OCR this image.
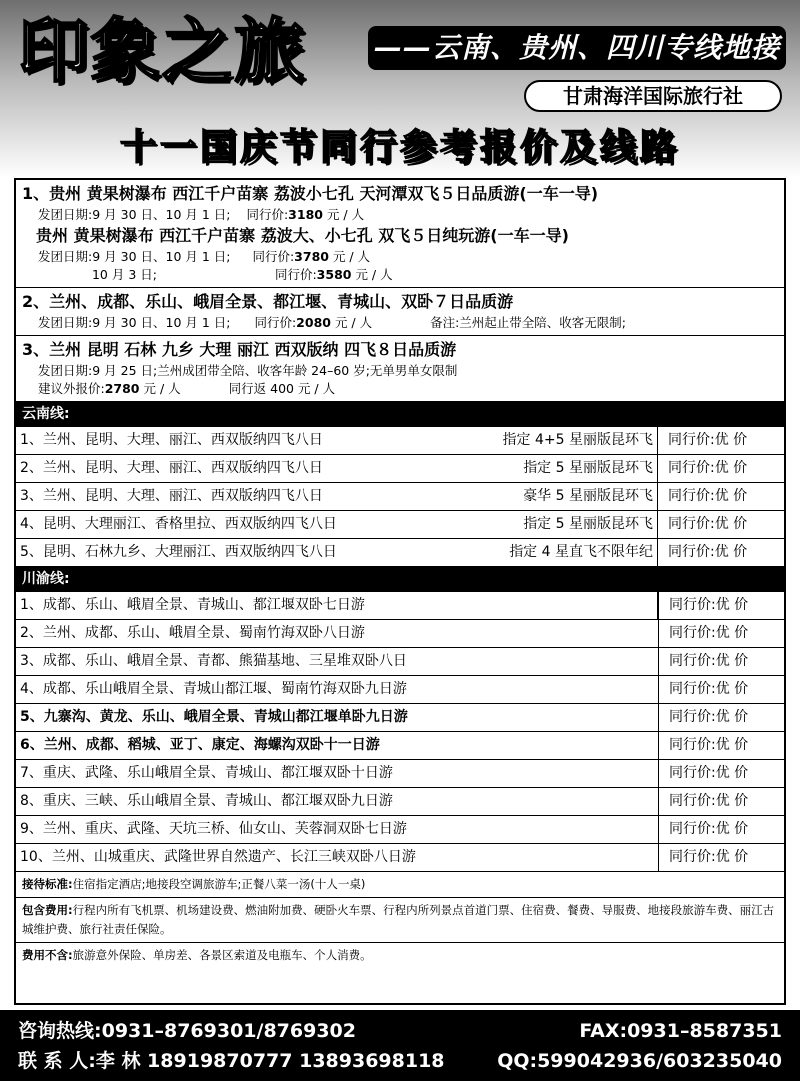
印象之旅 ——云南、贵州、四川专线地接
甘肃海洋国际旅行社
十一国庆节同行参考报价及线路
1、贵州 黄果树瀑布 西江千户苗寨 荔波小七孔 天河潭双飞５日品质游(一车一导)
发团日期:9 月 30 日、10 月 1 日; 同行价:3180 元 / 人
贵州 黄果树瀑布 西江千户苗寨 荔波大、小七孔 双飞５日纯玩游(一车一导)
发团日期:9 月 30 日、10 月 1 日; 同行价:3780 元 / 人
10 月 3 日;	同行价:3580 元 / 人
2、兰州、成都、乐山、峨眉全景、都江堰、青城山、双卧７日品质游
发团日期:9 月 30 日、10 月 1 日; 同行价:2080 元 / 人	备注:兰州起止带全陪、收客无限制;
3、兰州 昆明 石林 九乡 大理 丽江 西双版纳 四飞８日品质游
发团日期:9 月 25 日;兰州成团带全陪、收客年龄 24–60 岁;无单男单女限制
建议外报价:2780 元 / 人	同行返 400 元 / 人
云南线:
1、兰州、昆明、大理、丽江、西双版纳四飞八日	指定 4+5 星丽版昆环飞	同行价:优 价
2、兰州、昆明、大理、丽江、西双版纳四飞八日	指定 5 星丽版昆环飞	同行价:优 价
3、兰州、昆明、大理、丽江、西双版纳四飞八日	豪华 5 星丽版昆环飞	同行价:优 价
4、昆明、大理丽江、香格里拉、西双版纳四飞八日	指定 5 星丽版昆环飞	同行价:优 价
5、昆明、石林九乡、大理丽江、西双版纳四飞八日	指定 4 星直飞不限年纪	同行价:优 价
川渝线:
1、成都、乐山、峨眉全景、青城山、都江堰双卧七日游	同行价:优 价
2、兰州、成都、乐山、峨眉全景、蜀南竹海双卧八日游	同行价:优 价
3、成都、乐山、峨眉全景、青都、熊猫基地、三星堆双卧八日	同行价:优 价
4、成都、乐山峨眉全景、青城山都江堰、蜀南竹海双卧九日游	同行价:优 价
5、九寨沟、黄龙、乐山、峨眉全景、青城山都江堰单卧九日游	同行价:优 价
6、兰州、成都、稻城、亚丁、康定、海螺沟双卧十一日游	同行价:优 价
7、重庆、武隆、乐山峨眉全景、青城山、都江堰双卧十日游	同行价:优 价
8、重庆、三峡、乐山峨眉全景、青城山、都江堰双卧九日游	同行价:优 价
9、兰州、重庆、武隆、天坑三桥、仙女山、芙蓉洞双卧七日游	同行价:优 价
10、兰州、山城重庆、武隆世界自然遗产、长江三峡双卧八日游	同行价:优 价
接待标准:住宿指定酒店;地接段空调旅游车;正餐八菜一汤(十人一桌)
包含费用:行程内所有飞机票、机场建设费、燃油附加费、硬卧火车票、行程内所列景点首道门票、住宿费、餐费、导服费、地接段旅游车费、丽江古城维护费、旅行社责任保险。
费用不含:旅游意外保险、单房差、各景区索道及电瓶车、个人消费。
咨询热线:0931–8769301/8769302	FAX:0931–8587351
联 系 人:李 林 18919870777 13893698118	QQ:599042936/603235040
